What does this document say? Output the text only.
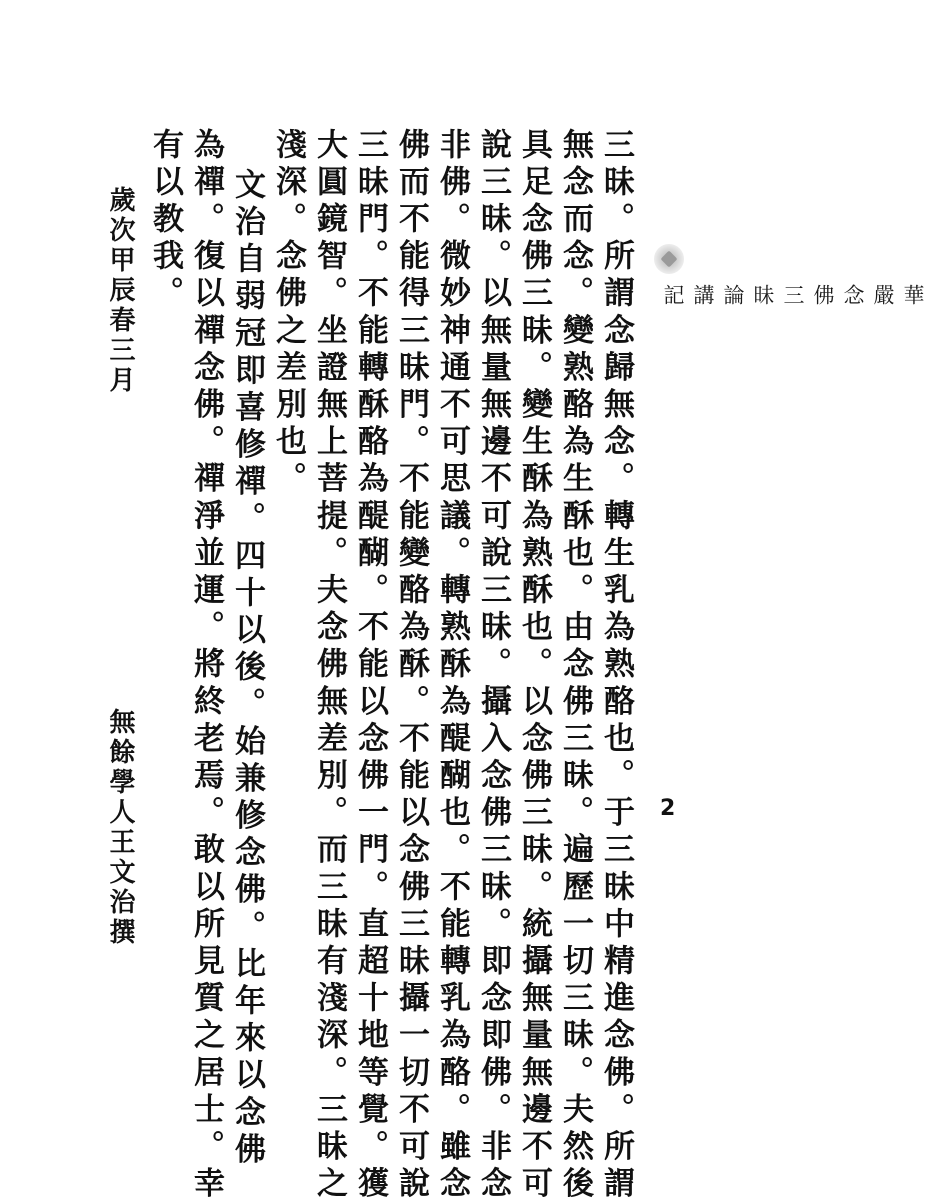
華嚴念佛三昧論講記
2
三昧。所謂念歸無念。轉生乳為熟酪也。于三昧中精進念佛。所謂
無念而念。變熟酪為生酥也。由念佛三昧。遍歷一切三昧。夫然後
具足念佛三昧。變生酥為熟酥也。以念佛三昧。統攝無量無邊不可
說三昧。以無量無邊不可說三昧。攝入念佛三昧。即念即佛。非念
非佛。微妙神通不可思議。轉熟酥為醍醐也。不能轉乳為酪。雖念
佛而不能得三昧門。不能變酪為酥。不能以念佛三昧攝一切不可說
三昧門。不能轉酥酪為醍醐。不能以念佛一門。直超十地等覺。獲
大圓鏡智。坐證無上菩提。夫念佛無差別。而三昧有淺深。三昧之
淺深。念佛之差別也。
文治自弱冠即喜修禪。四十以後。始兼修念佛。比年來以念佛
為禪。復以禪念佛。禪淨並運。將終老焉。敢以所見質之居士。幸
有以教我。
歲次甲辰春三月
無餘學人王文治撰
